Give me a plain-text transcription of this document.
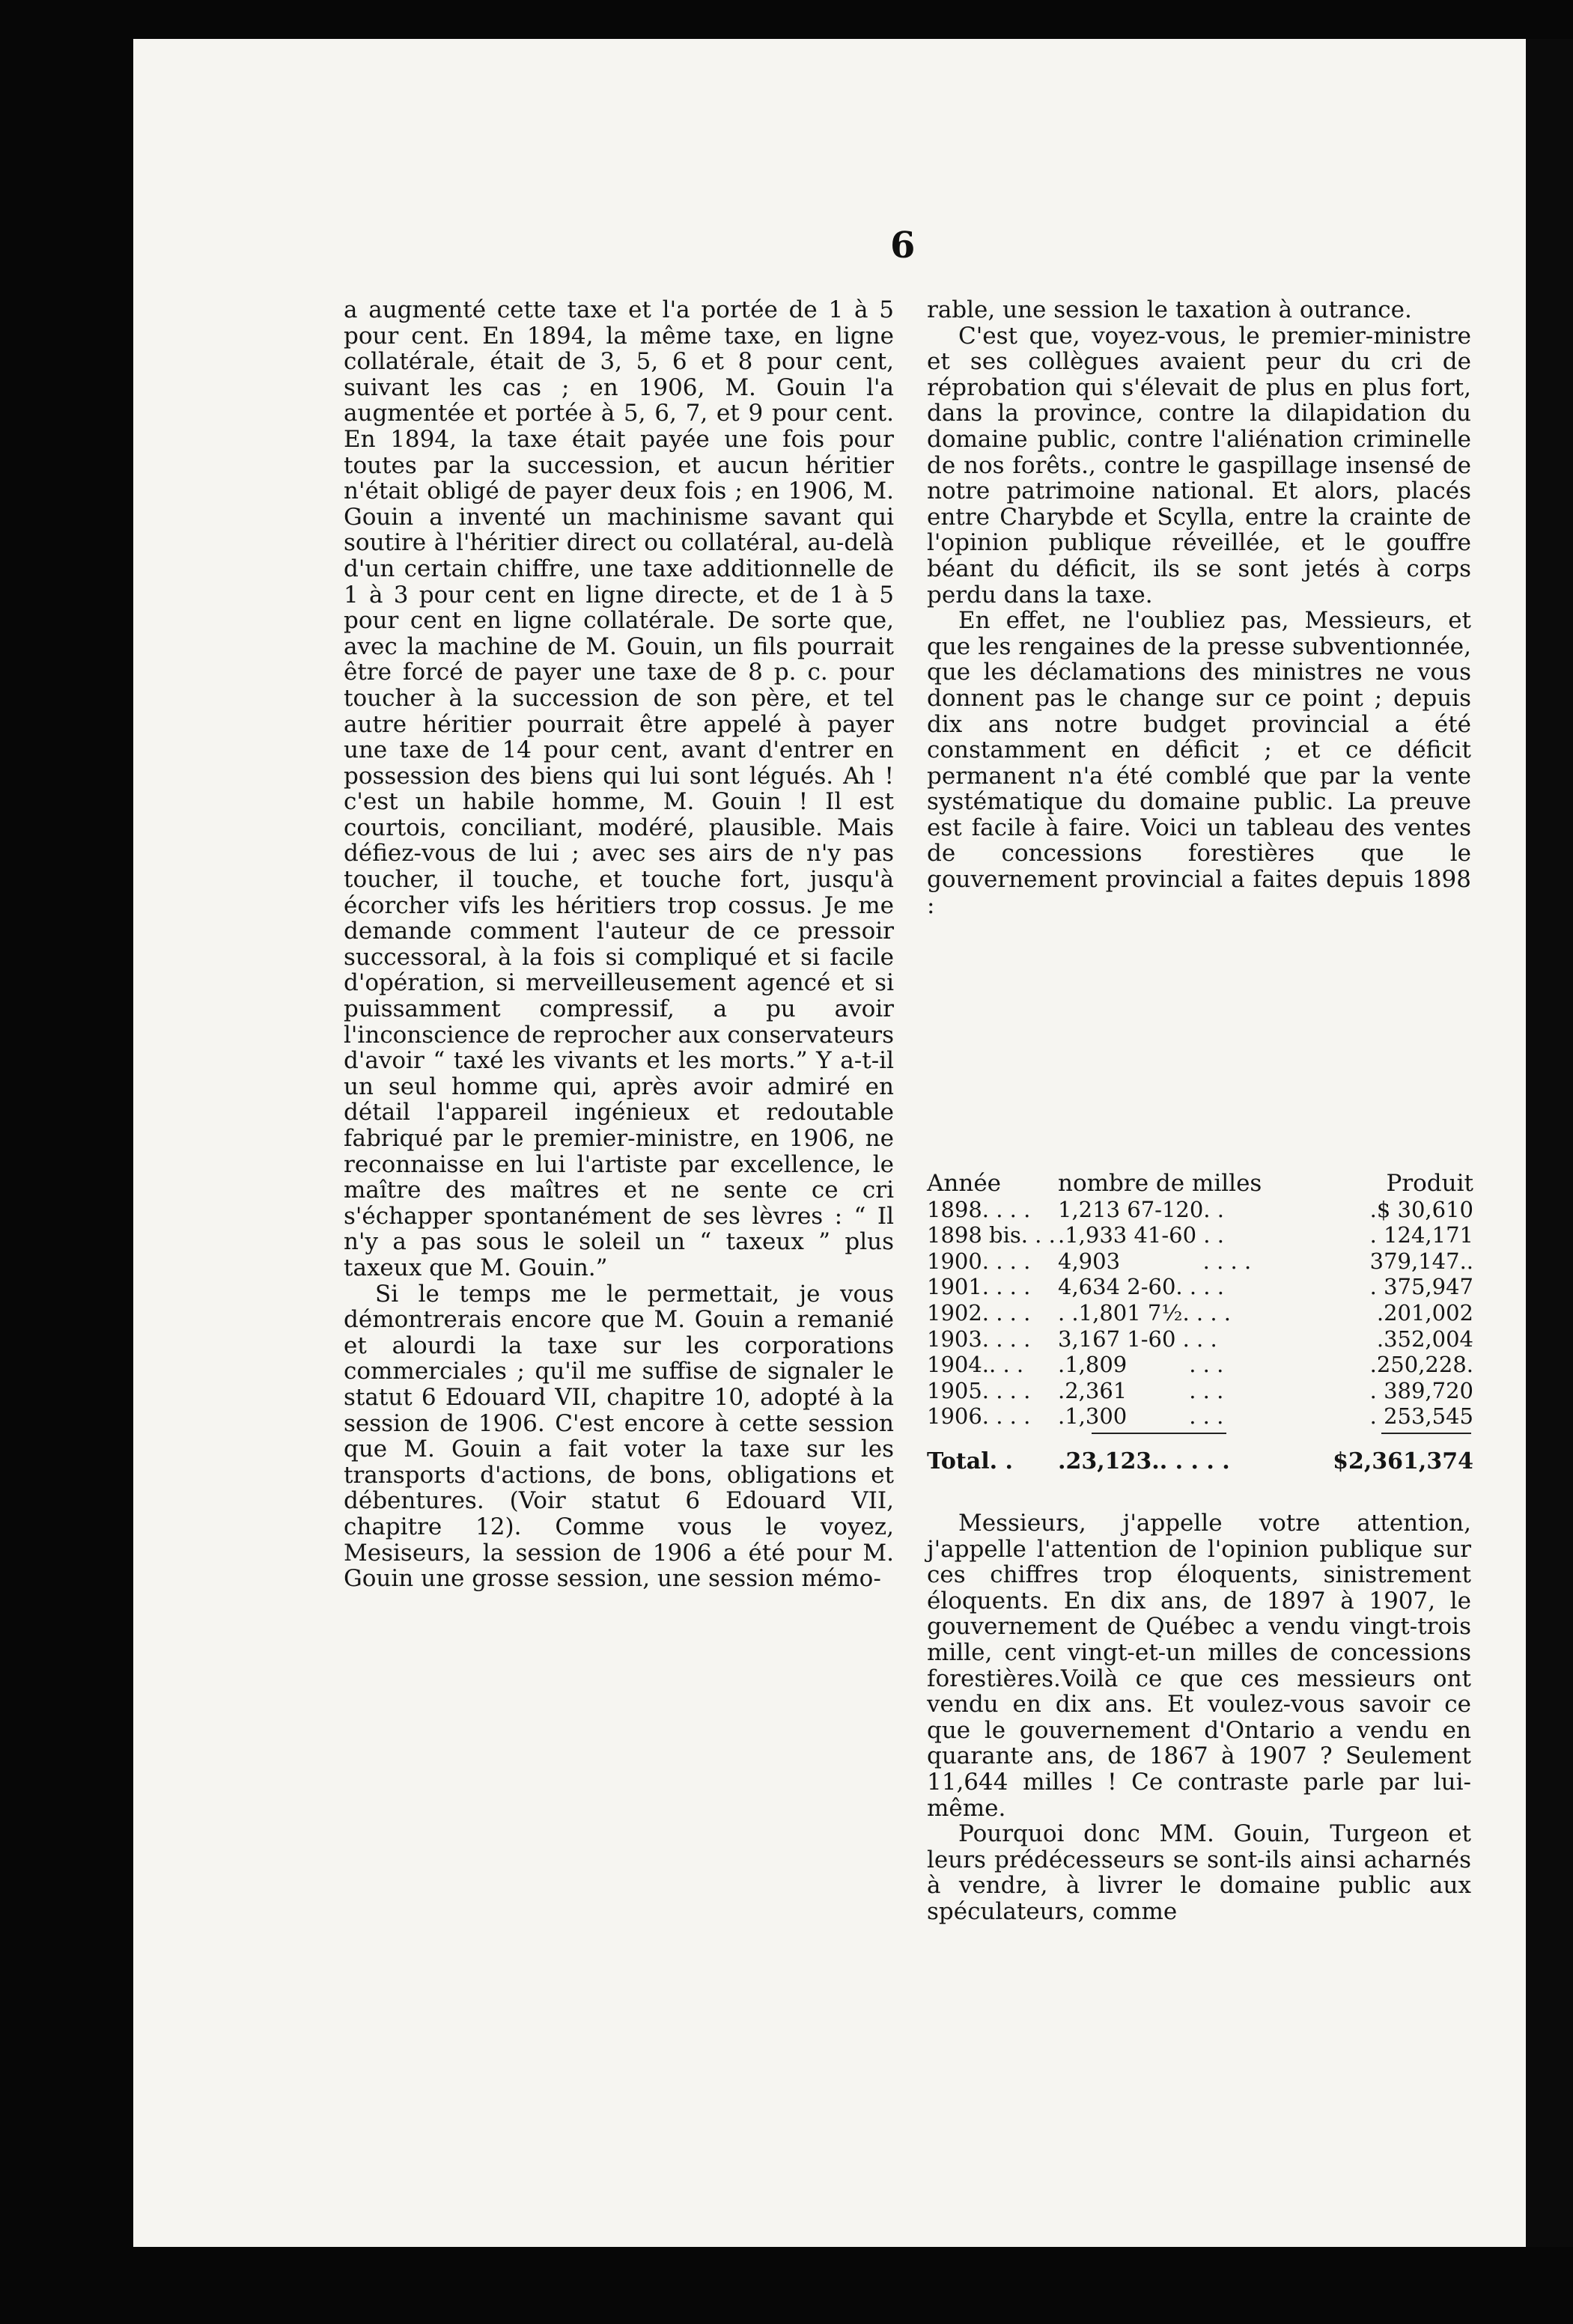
6

a augmenté cette taxe et l'a portée de 1 à 5 pour cent. En 1894, la même taxe, en ligne collatérale, était de 3, 5, 6 et 8 pour cent, suivant les cas ; en 1906, M. Gouin l'a augmentée et portée à 5, 6, 7, et 9 pour cent. En 1894, la taxe était payée une fois pour toutes par la succession, et aucun héritier n'était obligé de payer deux fois ; en 1906, M. Gouin a inventé un machinisme savant qui soutire à l'héritier direct ou collatéral, au-delà d'un certain chiffre, une taxe additionnelle de 1 à 3 pour cent en ligne directe, et de 1 à 5 pour cent en ligne collatérale. De sorte que, avec la machine de M. Gouin, un fils pourrait être forcé de payer une taxe de 8 p. c. pour toucher à la succession de son père, et tel autre héritier pourrait être appelé à payer une taxe de 14 pour cent, avant d'entrer en possession des biens qui lui sont légués. Ah ! c'est un habile homme, M. Gouin ! Il est courtois, conciliant, modéré, plausible. Mais défiez-vous de lui ; avec ses airs de n'y pas toucher, il touche, et touche fort, jusqu'à écorcher vifs les héritiers trop cossus. Je me demande comment l'auteur de ce pressoir successoral, à la fois si compliqué et si facile d'opération, si merveilleusement agencé et si puissamment compressif, a pu avoir l'inconscience de reprocher aux conservateurs d'avoir “ taxé les vivants et les morts.” Y a-t-il un seul homme qui, après avoir admiré en détail l'appareil ingénieux et redoutable fabriqué par le premier-ministre, en 1906, ne reconnaisse en lui l'artiste par excellence, le maître des maîtres et ne sente ce cri s'échapper spontanément de ses lèvres : “ Il n'y a pas sous le soleil un “ taxeux ” plus taxeux que M. Gouin.”

Si le temps me le permettait, je vous démontrerais encore que M. Gouin a remanié et alourdi la taxe sur les corporations commerciales ; qu'il me suffise de signaler le statut 6 Edouard VII, chapitre 10, adopté à la session de 1906. C'est encore à cette session que M. Gouin a fait voter la taxe sur les transports d'actions, de bons, obligations et débentures. (Voir statut 6 Edouard VII, chapitre 12). Comme vous le voyez, Mesiseurs, la session de 1906 a été pour M. Gouin une grosse session, une session mémo-

rable, une session le taxation à outrance.

C'est que, voyez-vous, le premier-ministre et ses collègues avaient peur du cri de réprobation qui s'élevait de plus en plus fort, dans la province, contre la dilapidation du domaine public, contre l'aliénation criminelle de nos forêts., contre le gaspillage insensé de notre patrimoine national. Et alors, placés entre Charybde et Scylla, entre la crainte de l'opinion publique réveillée, et le gouffre béant du déficit, ils se sont jetés à corps perdu dans la taxe.

En effet, ne l'oubliez pas, Messieurs, et que les rengaines de la presse subventionnée, que les déclamations des ministres ne vous donnent pas le change sur ce point ; depuis dix ans notre budget provincial a été constamment en déficit ; et ce déficit permanent n'a été comblé que par la vente systématique du domaine public. La preuve est facile à faire. Voici un tableau des ventes de concessions forestières que le gouvernement provincial a faites depuis 1898 :

Année	nombre de milles	Produit
1898. . . .	1,213 67-120. .	.$ 30,610
1898 bis. . . .1,933 41-60 . .	. 124,171
1900. . . .	4,903            . . . .	379,147..
1901. . . .	4,634 2-60. . . .	. 375,947
1902. . . .	. .1,801 7½. . . .	.201,002
1903. . . .	3,167 1-60 . . .	.352,004
1904.. . .	.1,809         . . .	.250,228.
1905. . . .	.2,361         . . .	. 389,720
1906. . . .	.1,300         . . .	. 253,545
Total. .	.23,123.. . . . .	$2,361,374

Messieurs, j'appelle votre attention, j'appelle l'attention de l'opinion publique sur ces chiffres trop éloquents, sinistrement éloquents. En dix ans, de 1897 à 1907, le gouvernement de Québec a vendu vingt-trois mille, cent vingt-et-un milles de concessions forestières.Voilà ce que ces messieurs ont vendu en dix ans. Et voulez-vous savoir ce que le gouvernement d'Ontario a vendu en quarante ans, de 1867 à 1907 ? Seulement 11,644 milles ! Ce contraste parle par lui-même.

Pourquoi donc MM. Gouin, Turgeon et leurs prédécesseurs se sont-ils ainsi acharnés à vendre, à livrer le domaine public aux spéculateurs, comme
